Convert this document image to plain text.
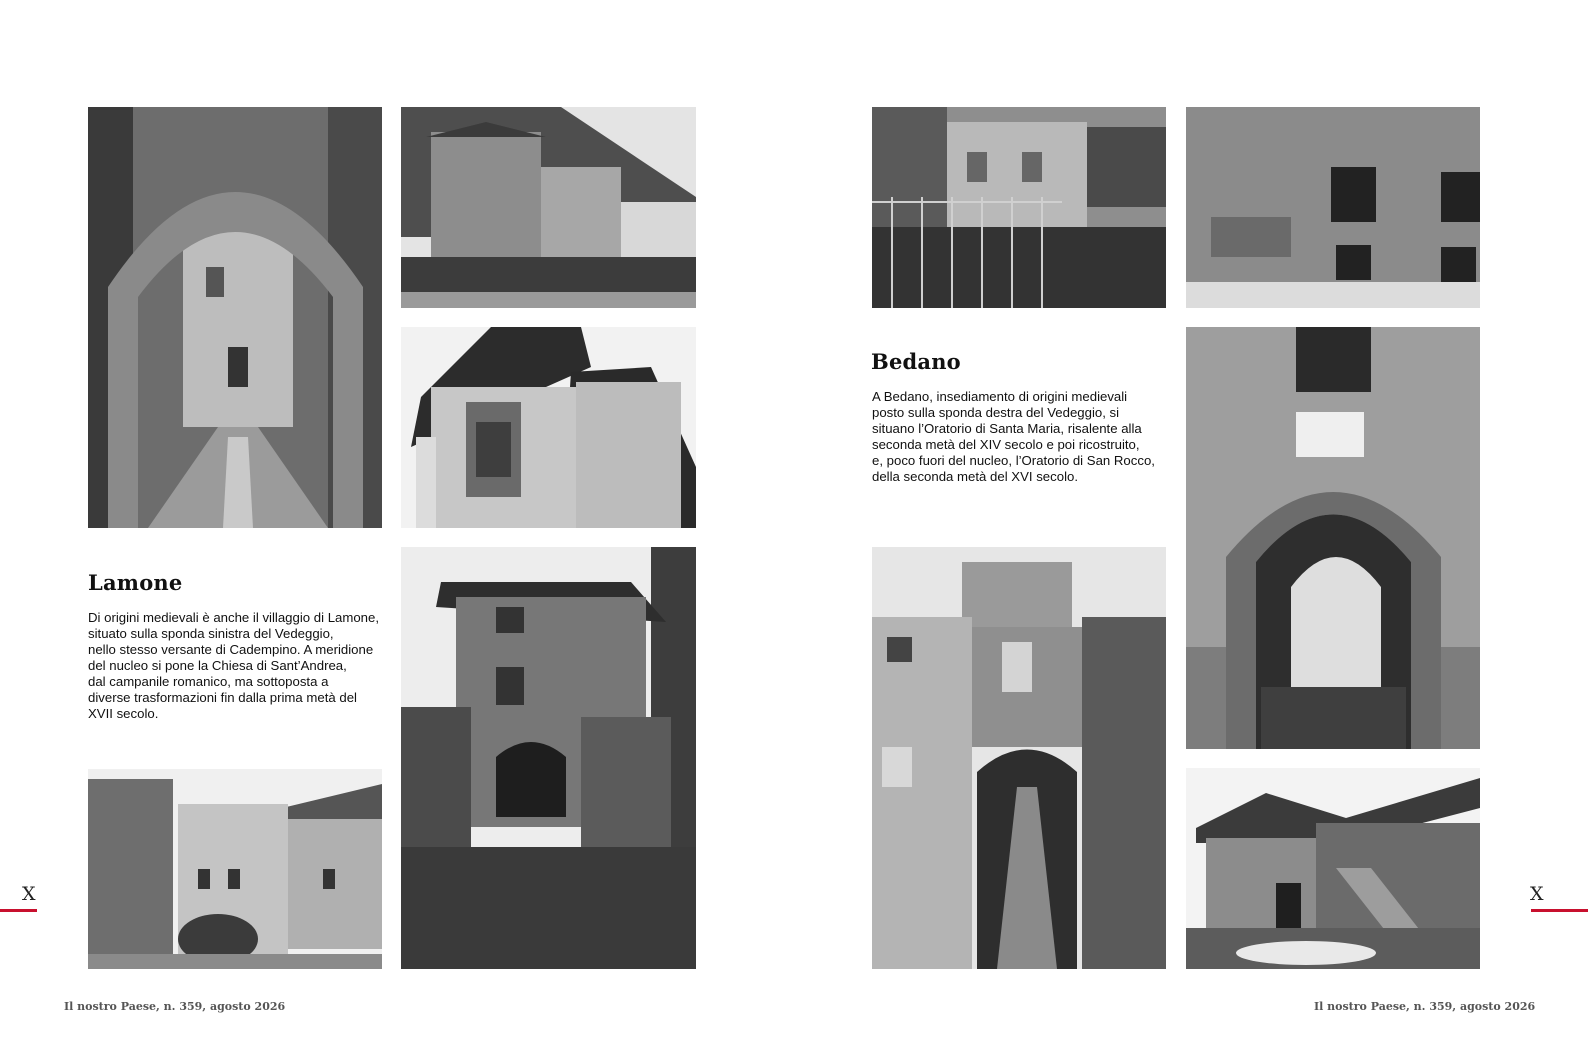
Lamone
Di origini medievali è anche il villaggio di Lamone,
situato sulla sponda sinistra del Vedeggio,
nello stesso versante di Cadempino. A meridione
del nucleo si pone la Chiesa di Sant’Andrea,
dal campanile romanico, ma sottoposta a
diverse trasformazioni fin dalla prima metà del
XVII secolo.
X
Il nostro Paese, n. 359, agosto 2026
Bedano
A Bedano, insediamento di origini medievali
posto sulla sponda destra del Vedeggio, si
situano l’Oratorio di Santa Maria, risalente alla
seconda metà del XIV secolo e poi ricostruito,
e, poco fuori del nucleo, l’Oratorio di San Rocco,
della seconda metà del XVI secolo.
X
Il nostro Paese, n. 359, agosto 2026
